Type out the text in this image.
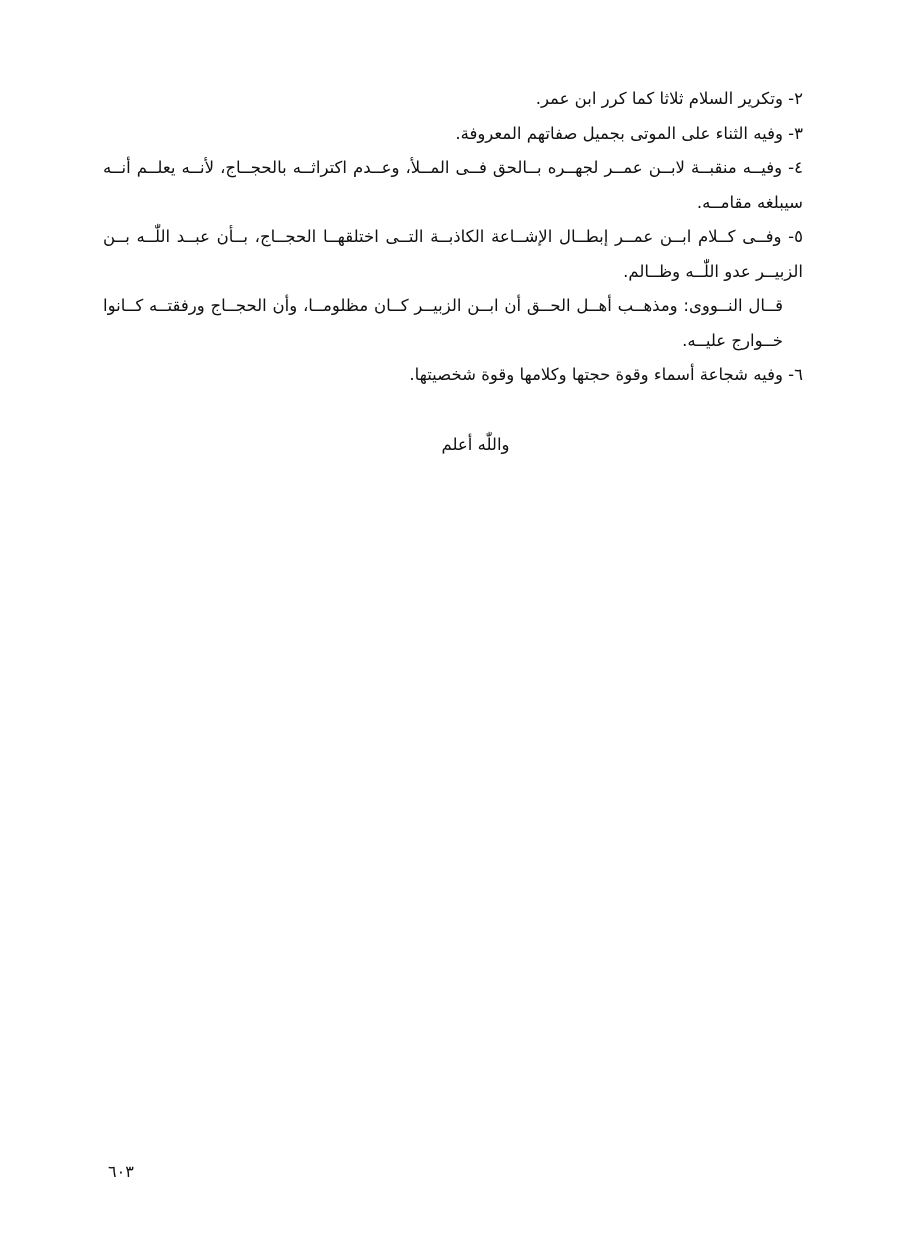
٢- وتكرير السلام ثلاثا كما كرر ابن عمر.

٣- وفيه الثناء على الموتى بجميل صفاتهم المعروفة.

٤- وفيــه منقبــة لابــن عمــر لجهــره بــالحق فــى المــلأ، وعــدم اكتراثــه بالحجــاج، لأنــه يعلــم أنــه سيبلغه مقامــه.

٥- وفــى كــلام ابــن عمــر إبطــال الإشــاعة الكاذبــة التــى اختلقهــا الحجــاج، بــأن عبــد اللّٰــه بــن الزبيــر عدو اللّٰــه وظــالم.

قــال النــووى: ومذهــب أهــل الحــق أن ابــن الزبيــر كــان مظلومــا، وأن الحجــاج ورفقتــه كــانوا خــوارج عليــه.

٦- وفيه شجاعة أسماء وقوة حجتها وكلامها وقوة شخصيتها.

واللّٰه أعلم
٦٠٣
